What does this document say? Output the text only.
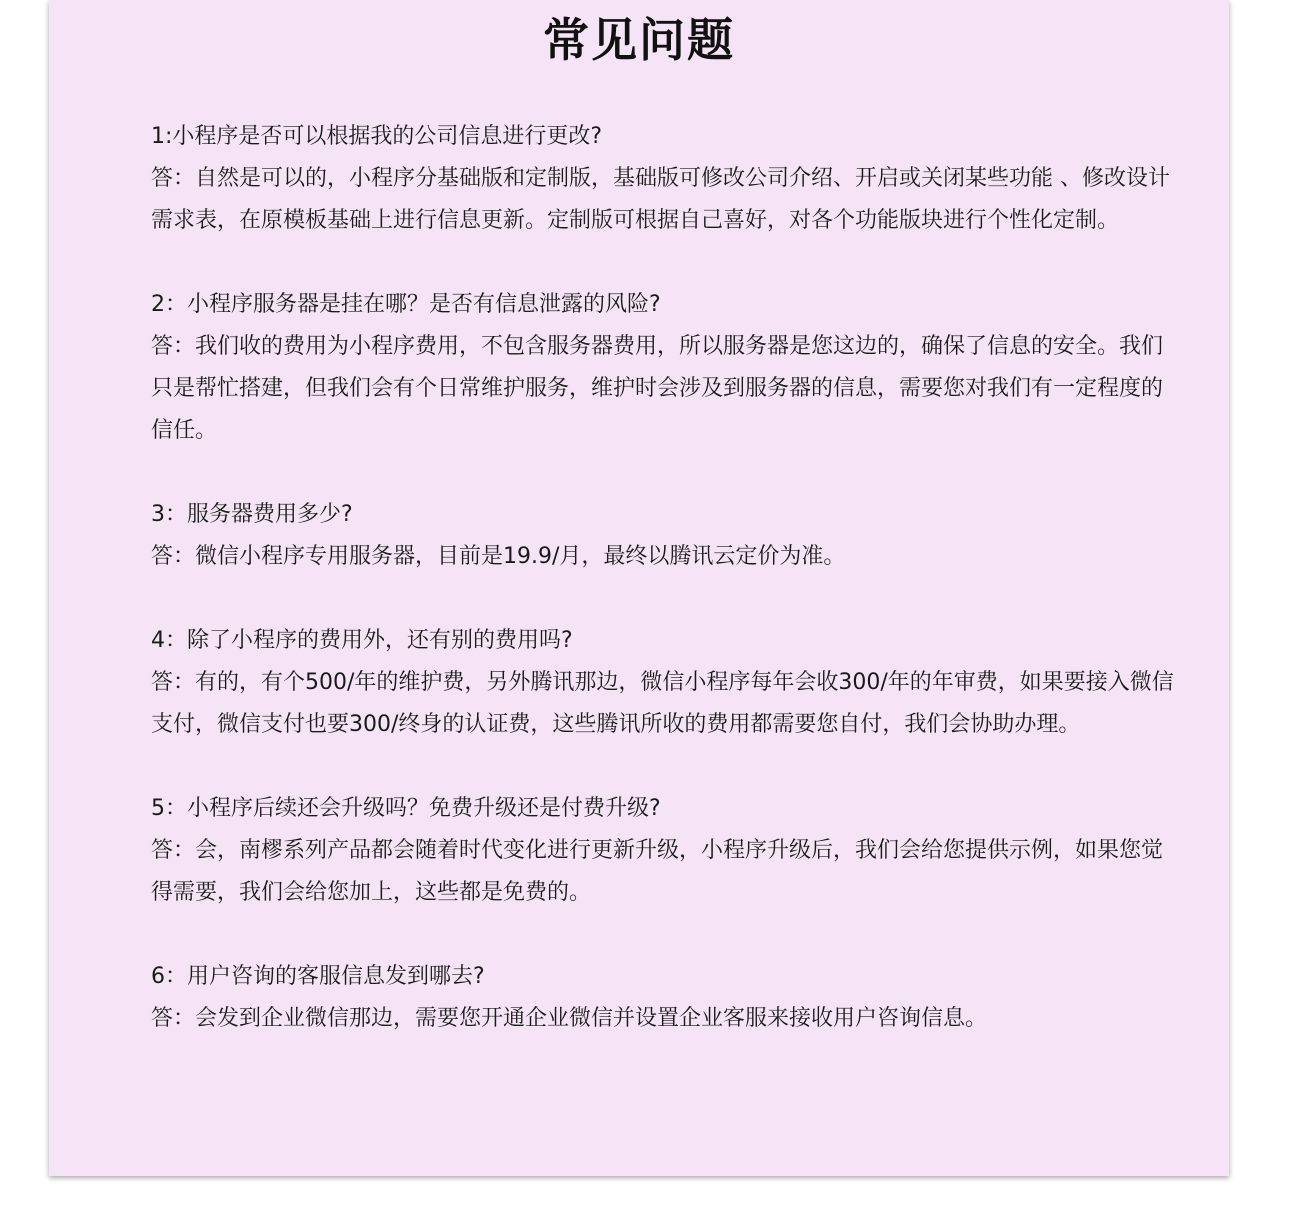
常见问题

1:小程序是否可以根据我的公司信息进行更改?

答：自然是可以的，小程序分基础版和定制版，基础版可修改公司介绍、开启或关闭某些功能 、修改设计需求表，在原模板基础上进行信息更新。定制版可根据自己喜好，对各个功能版块进行个性化定制。

2：小程序服务器是挂在哪？是否有信息泄露的风险?

答：我们收的费用为小程序费用，不包含服务器费用，所以服务器是您这边的，确保了信息的安全。我们只是帮忙搭建，但我们会有个日常维护服务，维护时会涉及到服务器的信息，需要您对我们有一定程度的信任。

3：服务器费用多少?

答：微信小程序专用服务器，目前是19.9/月，最终以腾讯云定价为准。

4：除了小程序的费用外，还有别的费用吗?

答：有的，有个500/年的维护费，另外腾讯那边，微信小程序每年会收300/年的年审费，如果要接入微信支付，微信支付也要300/终身的认证费，这些腾讯所收的费用都需要您自付，我们会协助办理。

5：小程序后续还会升级吗？免费升级还是付费升级?

答：会，南樛系列产品都会随着时代变化进行更新升级，小程序升级后，我们会给您提供示例，如果您觉得需要，我们会给您加上，这些都是免费的。

6：用户咨询的客服信息发到哪去?

答：会发到企业微信那边，需要您开通企业微信并设置企业客服来接收用户咨询信息。
